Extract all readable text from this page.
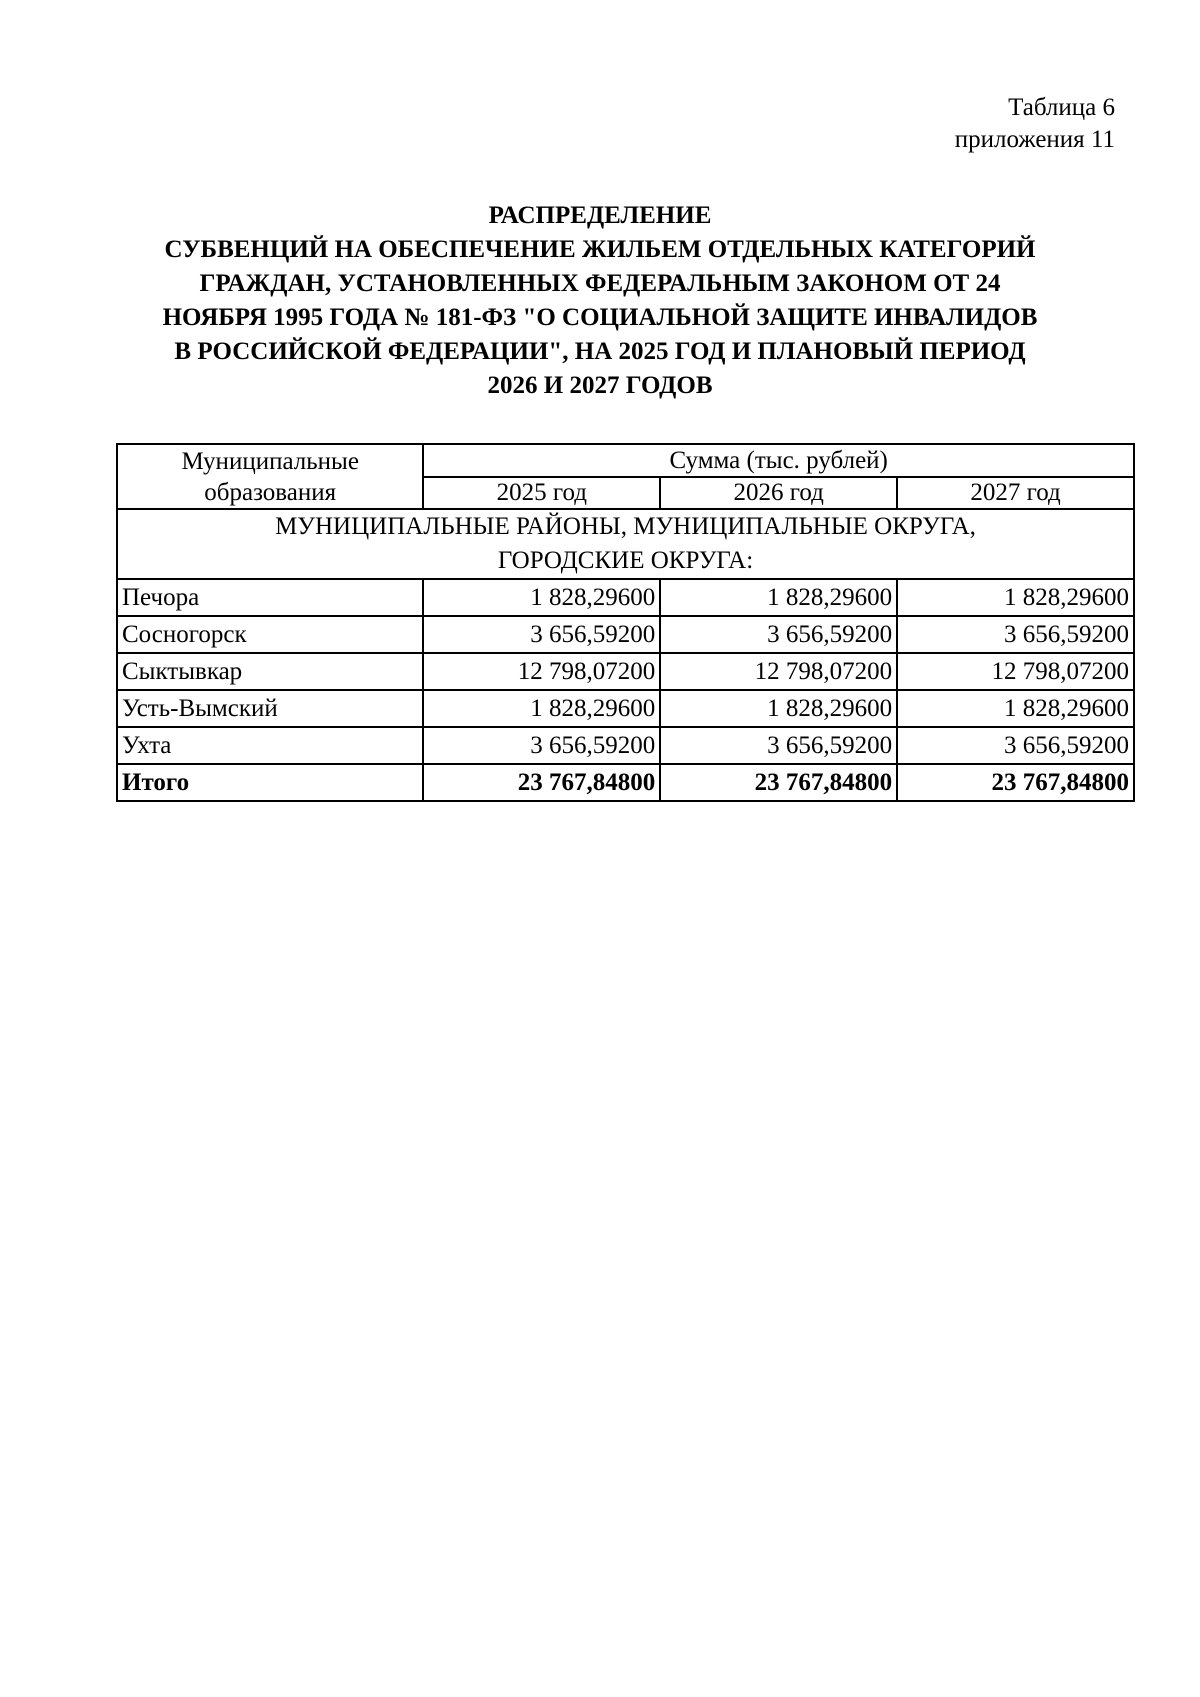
Таблица 6
приложения 11
РАСПРЕДЕЛЕНИЕ
СУБВЕНЦИЙ НА ОБЕСПЕЧЕНИЕ ЖИЛЬЕМ ОТДЕЛЬНЫХ КАТЕГОРИЙ
ГРАЖДАН, УСТАНОВЛЕННЫХ ФЕДЕРАЛЬНЫМ ЗАКОНОМ ОТ 24
НОЯБРЯ 1995 ГОДА № 181-ФЗ "О СОЦИАЛЬНОЙ ЗАЩИТЕ ИНВАЛИДОВ
В РОССИЙСКОЙ ФЕДЕРАЦИИ", НА 2025 ГОД И ПЛАНОВЫЙ ПЕРИОД
2026 И 2027 ГОДОВ
Муниципальные
образования	Сумма (тыс. рублей)		
	2025 год	2026 год	2027 год

МУНИЦИПАЛЬНЫЕ РАЙОНЫ, МУНИЦИПАЛЬНЫЕ ОКРУГА,
ГОРОДСКИЕ ОКРУГА:			

Печора	1 828,29600	1 828,29600	1 828,29600
Сосногорск	3 656,59200	3 656,59200	3 656,59200
Сыктывкар	12 798,07200	12 798,07200	12 798,07200
Усть-Вымский	1 828,29600	1 828,29600	1 828,29600
Ухта	3 656,59200	3 656,59200	3 656,59200
Итого	23 767,84800	23 767,84800	23 767,84800
